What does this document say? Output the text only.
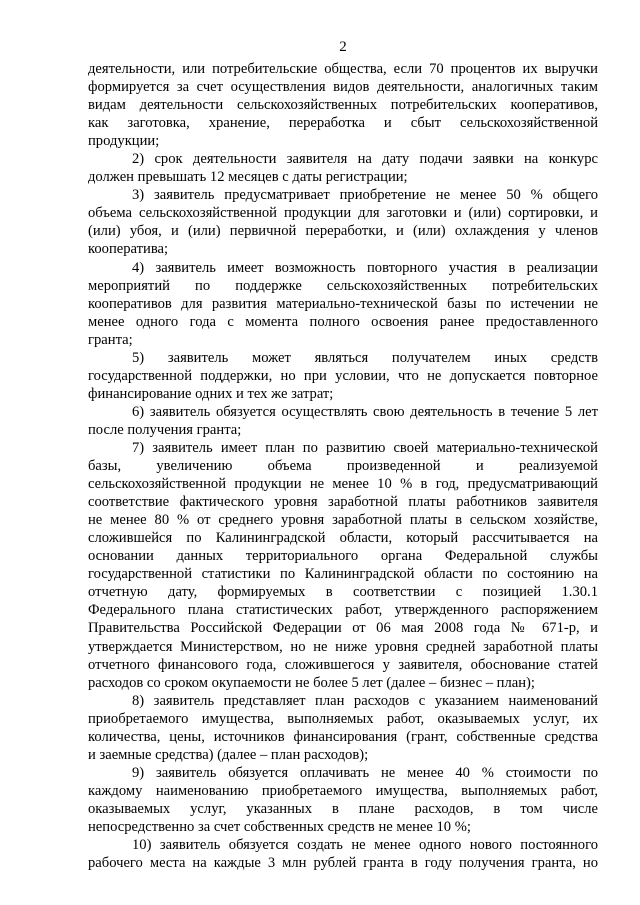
2
деятельности, или потребительские общества, если 70 процентов их выручки
формируется за счет осуществления видов деятельности, аналогичных таким
видам деятельности сельскохозяйственных потребительских кооперативов,
как заготовка, хранение, переработка и сбыт сельскохозяйственной
продукции;
2) срок деятельности заявителя на дату подачи заявки на конкурс
должен превышать 12 месяцев с даты регистрации;
3) заявитель предусматривает приобретение не менее 50 % общего
объема сельскохозяйственной продукции для заготовки и (или) сортировки, и
(или) убоя, и (или) первичной переработки, и (или) охлаждения у членов
кооператива;
4) заявитель имеет возможность повторного участия в реализации
мероприятий по поддержке сельскохозяйственных потребительских
кооперативов для развития материально-технической базы по истечении не
менее одного года с момента полного освоения ранее предоставленного
гранта;
5) заявитель может являться получателем иных средств
государственной поддержки, но при условии, что не допускается повторное
финансирование одних и тех же затрат;
6) заявитель обязуется осуществлять свою деятельность в течение 5 лет
после получения гранта;
7) заявитель имеет план по развитию своей материально-технической
базы, увеличению объема произведенной и реализуемой
сельскохозяйственной продукции не менее 10 % в год, предусматривающий
соответствие фактического уровня заработной платы работников заявителя
не менее 80 % от среднего уровня заработной платы в сельском хозяйстве,
сложившейся по Калининградской области, который рассчитывается на
основании данных территориального органа Федеральной службы
государственной статистики по Калининградской области по состоянию на
отчетную дату, формируемых в соответствии с позицией 1.30.1
Федерального плана статистических работ, утвержденного распоряжением
Правительства Российской Федерации от 06 мая 2008 года № 671-р, и
утверждается Министерством, но не ниже уровня средней заработной платы
отчетного финансового года, сложившегося у заявителя, обоснование статей
расходов со сроком окупаемости не более 5 лет (далее – бизнес – план);
8) заявитель представляет план расходов с указанием наименований
приобретаемого имущества, выполняемых работ, оказываемых услуг, их
количества, цены, источников финансирования (грант, собственные средства
и заемные средства) (далее – план расходов);
9) заявитель обязуется оплачивать не менее 40 % стоимости по
каждому наименованию приобретаемого имущества, выполняемых работ,
оказываемых услуг, указанных в плане расходов, в том числе
непосредственно за счет собственных средств не менее 10 %;
10) заявитель обязуется создать не менее одного нового постоянного
рабочего места на каждые 3 млн рублей гранта в году получения гранта, но
